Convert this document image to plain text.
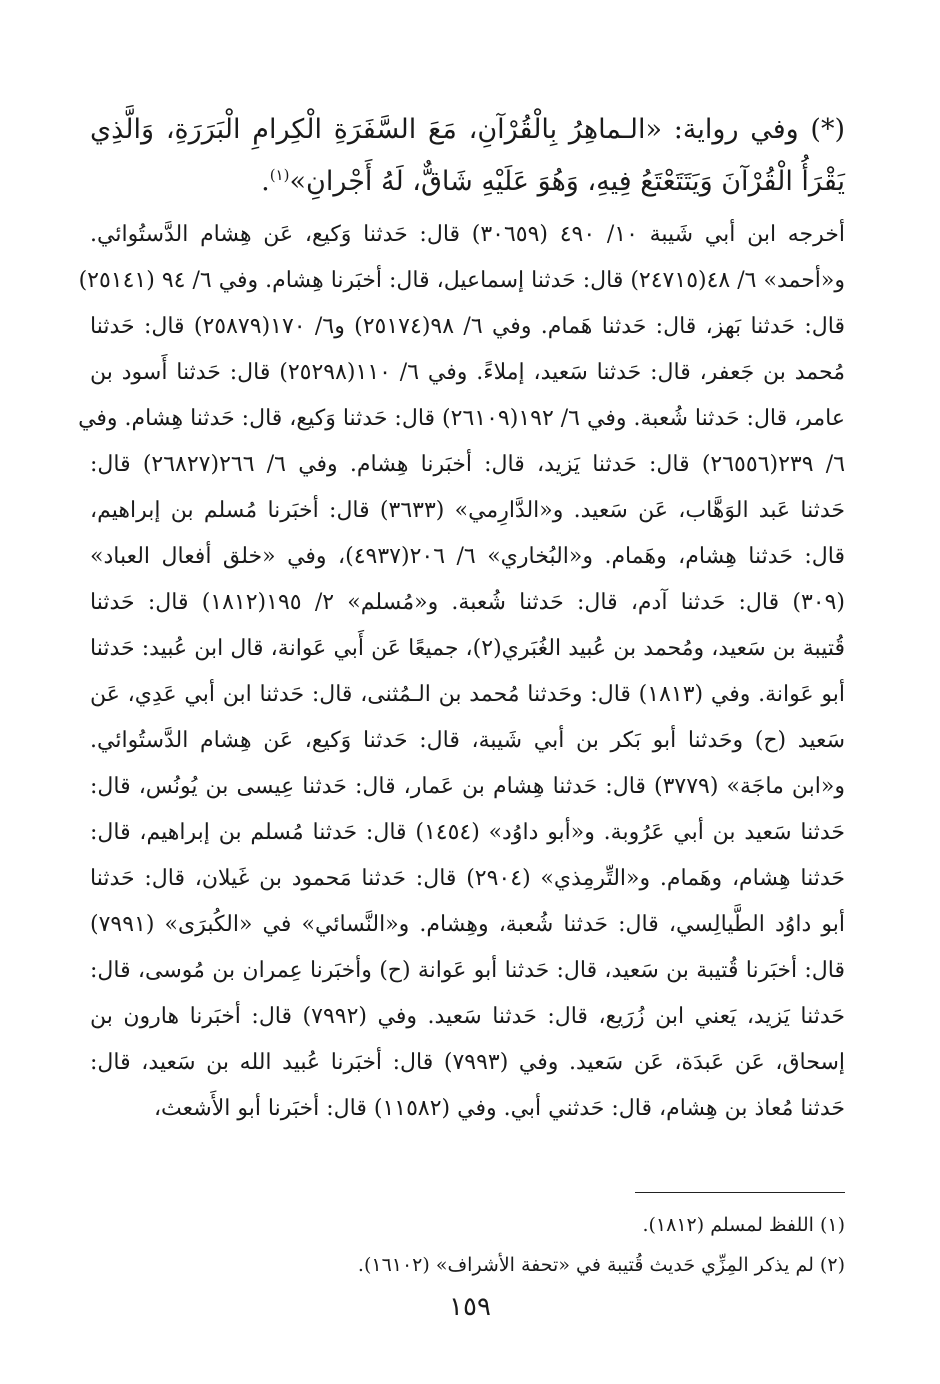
(*) وفي رواية: «الـماهِرُ بِالْقُرْآنِ، مَعَ السَّفَرَةِ الْكِرامِ الْبَرَرَةِ، وَالَّذِي يَقْرَأُ الْقُرْآنَ وَيَتَتَعْتَعُ فِيهِ، وَهُوَ عَلَيْهِ شَاقٌّ، لَهُ أَجْرانِ»$^{(١)}$.

أخرجه ابن أبي شَيبة ١٠/ ٤٩٠ (٣٠٦٥٩) قال: حَدثنا وَكيع، عَن هِشام الدَّستُوائي.
و«أحمد» ٦/ ٤٨(٢٤٧١٥) قال: حَدثنا إسماعيل، قال: أخبَرنا هِشام. وفي ٦/ ٩٤ (٢٥١٤١)
قال: حَدثنا بَهز، قال: حَدثنا هَمام. وفي ٦/ ٩٨(٢٥١٧٤) و٦/ ١٧٠(٢٥٨٧٩) قال: حَدثنا
مُحمد بن جَعفر، قال: حَدثنا سَعيد، إملاءً. وفي ٦/ ١١٠(٢٥٢٩٨) قال: حَدثنا أَسود بن
عامر، قال: حَدثنا شُعبة. وفي ٦/ ١٩٢(٢٦١٠٩) قال: حَدثنا وَكيع، قال: حَدثنا هِشام. وفي
٦/ ٢٣٩(٢٦٥٥٦) قال: حَدثنا يَزيد، قال: أخبَرنا هِشام. وفي ٦/ ٢٦٦(٢٦٨٢٧) قال:
حَدثنا عَبد الوَهَّاب، عَن سَعيد. و«الدَّارِمي» (٣٦٣٣) قال: أخبَرنا مُسلم بن إبراهيم،
قال: حَدثنا هِشام، وهَمام. و«البُخاري» ٦/ ٢٠٦(٤٩٣٧)، وفي «خلق أفعال العباد»
(٣٠٩) قال: حَدثنا آدم، قال: حَدثنا شُعبة. و«مُسلم» ٢/ ١٩٥(١٨١٢) قال: حَدثنا
قُتيبة بن سَعيد، ومُحمد بن عُبيد الغُبَري(٢)، جميعًا عَن أَبي عَوانة، قال ابن عُبيد: حَدثنا
أبو عَوانة. وفي (١٨١٣) قال: وحَدثنا مُحمد بن الـمُثنى، قال: حَدثنا ابن أبي عَدِي، عَن
سَعيد (ح) وحَدثنا أبو بَكر بن أبي شَيبة، قال: حَدثنا وَكيع، عَن هِشام الدَّستُوائي.
و«ابن ماجَة» (٣٧٧٩) قال: حَدثنا هِشام بن عَمار، قال: حَدثنا عِيسى بن يُونُس، قال:
حَدثنا سَعيد بن أبي عَرُوبة. و«أبو داوُد» (١٤٥٤) قال: حَدثنا مُسلم بن إبراهيم، قال:
حَدثنا هِشام، وهَمام. و«التِّرمِذي» (٢٩٠٤) قال: حَدثنا مَحمود بن غَيلان، قال: حَدثنا
أبو داوُد الطَّيالِسي، قال: حَدثنا شُعبة، وهِشام. و«النَّسائي» في «الكُبرَى» (٧٩٩١)
قال: أخبَرنا قُتيبة بن سَعيد، قال: حَدثنا أبو عَوانة (ح) وأخبَرنا عِمران بن مُوسى، قال:
حَدثنا يَزيد، يَعني ابن زُرَيع، قال: حَدثنا سَعيد. وفي (٧٩٩٢) قال: أخبَرنا هارون بن
إسحاق، عَن عَبدَة، عَن سَعيد. وفي (٧٩٩٣) قال: أخبَرنا عُبيد الله بن سَعيد، قال:
حَدثنا مُعاذ بن هِشام، قال: حَدثني أبي. وفي (١١٥٨٢) قال: أخبَرنا أبو الأَشعث،
(١) اللفظ لمسلم (١٨١٢).
(٢) لم يذكر المِزِّي حَديث قُتيبة في «تحفة الأشراف» (١٦١٠٢).
١٥٩
